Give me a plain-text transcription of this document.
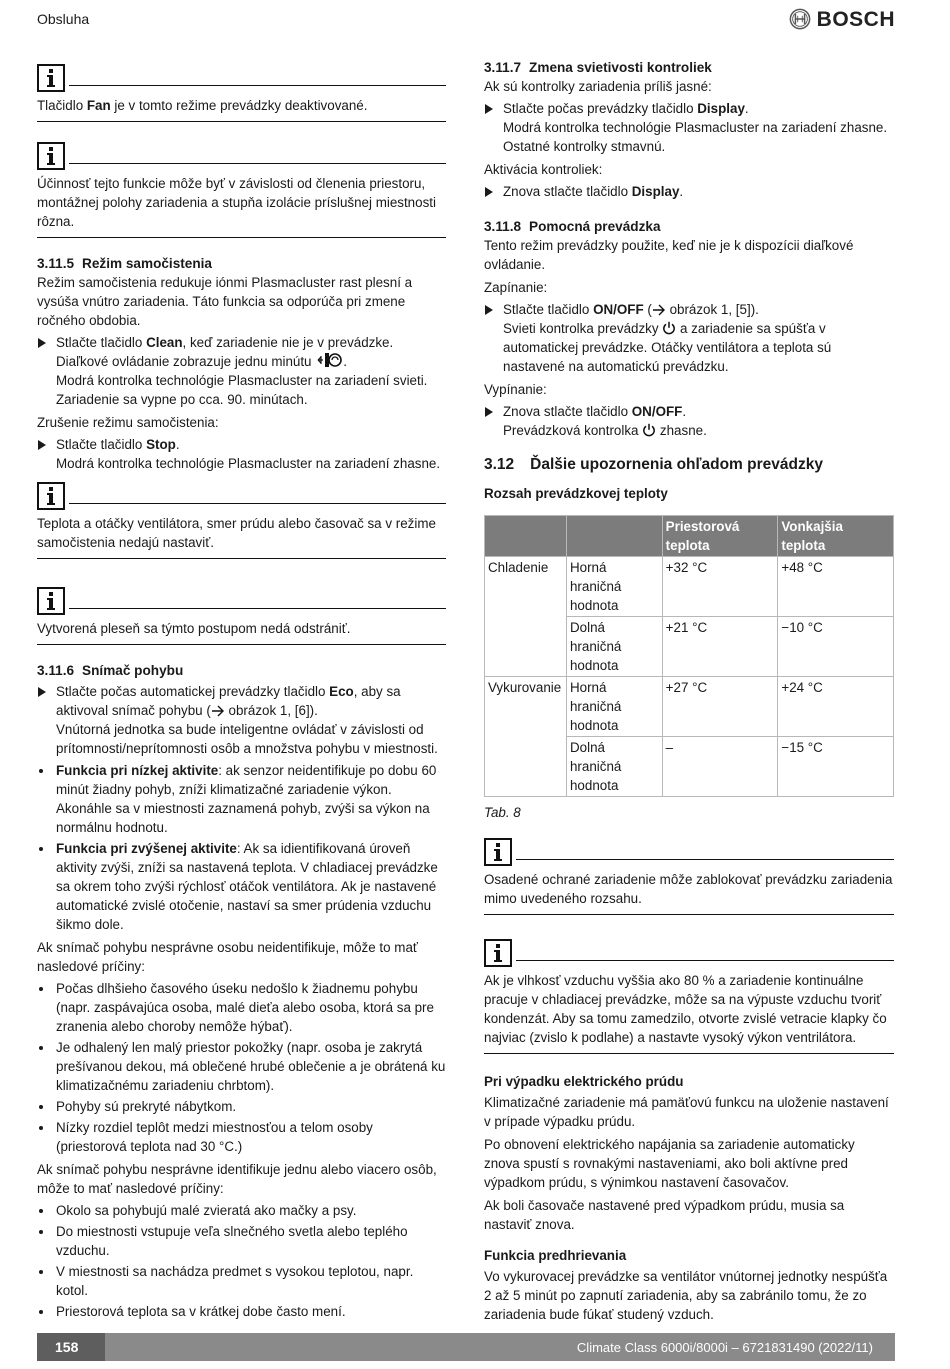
Obsluha	BOSCH
Tlačidlo Fan je v tomto režime prevádzky deaktivované.
Účinnosť tejto funkcie môže byť v závislosti od členenia priestoru, montážnej polohy zariadenia a stupňa izolácie príslušnej miestnosti rôzna.
3.11.5 Režim samočistenia

Režim samočistenia redukuje iónmi Plasmacluster rast plesní a vysúša vnútro zariadenia. Táto funkcia sa odporúča pri zmene ročného obdobia.

Stlačte tlačidlo Clean, keď zariadenie nie je v prevádzke.
Diaľkové ovládanie zobrazuje jednu minútu .
Modrá kontrolka technológie Plasmacluster na zariadení svieti.
Zariadenie sa vypne po cca. 90. minútach.

Zrušenie režimu samočistenia:

Stlačte tlačidlo Stop.
Modrá kontrolka technológie Plasmacluster na zariadení zhasne.
Teplota a otáčky ventilátora, smer prúdu alebo časovač sa v režime samočistenia nedajú nastaviť.
Vytvorená pleseň sa týmto postupom nedá odstrániť.
3.11.6 Snímač pohybu
Stlačte počas automatickej prevádzky tlačidlo Eco, aby sa aktivoval snímač pohybu ( obrázok 1, [6]).
Vnútorná jednotka sa bude inteligentne ovládať v závislosti od prítomnosti/neprítomnosti osôb a množstva pohybu v miestnosti.
Funkcia pri nízkej aktivite: ak senzor neidentifikuje po dobu 60 minút žiadny pohyb, zníži klimatizačné zariadenie výkon. Akonáhle sa v miestnosti zaznamená pohyb, zvýši sa výkon na normálnu hodnotu.
Funkcia pri zvýšenej aktivite: Ak sa idientifikovaná úroveň aktivity zvýši, zníži sa nastavená teplota. V chladiacej prevádzke sa okrem toho zvýši rýchlosť otáčok ventilátora. Ak je nastavené automatické zvislé otočenie, nastaví sa smer prúdenia vzduchu šikmo dole.

Ak snímač pohybu nesprávne osobu neidentifikuje, môže to mať nasledové príčiny:

Počas dlhšieho časového úseku nedošlo k žiadnemu pohybu (napr. zaspávajúca osoba, malé dieťa alebo osoba, ktorá sa pre zranenia alebo choroby nemôže hýbať).
Je odhalený len malý priestor pokožky (napr. osoba je zakrytá prešívanou dekou, má oblečené hrubé oblečenie a je obrátená ku klimatizačnému zariadeniu chrbtom).
Pohyby sú prekryté nábytkom.
Nízky rozdiel teplôt medzi miestnosťou a telom osoby (priestorová teplota nad 30 °C.)

Ak snímač pohybu nesprávne identifikuje jednu alebo viacero osôb, môže to mať nasledové príčiny:

Okolo sa pohybujú malé zvieratá ako mačky a psy.
Do miestnosti vstupuje veľa slnečného svetla alebo teplého vzduchu.
V miestnosti sa nachádza predmet s vysokou teplotou, napr. kotol.
Priestorová teplota sa v krátkej dobe často mení.
3.11.7 Zmena svietivosti kontroliek

Ak sú kontrolky zariadenia príliš jasné:

Stlačte počas prevádzky tlačidlo Display.
Modrá kontrolka technológie Plasmacluster na zariadení zhasne.
Ostatné kontrolky stmavnú.

Aktivácia kontroliek:

Znova stlačte tlačidlo Display.
3.11.8 Pomocná prevádzka

Tento režim prevádzky použite, keď nie je k dispozícii diaľkové ovládanie.

Zapínanie:

Stlačte tlačidlo ON/OFF ( obrázok 1, [5]).
Svieti kontrolka prevádzky  a zariadenie sa spúšťa v automatickej prevádzke. Otáčky ventilátora a teplota sú nastavené na automatickú prevádzku.

Vypínanie:

Znova stlačte tlačidlo ON/OFF.
Prevádzková kontrolka  zhasne.
3.12 Ďalšie upozornenia ohľadom prevádzky
Rozsah prevádzkovej teploty
		Priestorová teplota	Vonkajšia teplota
Chladenie	Horná hraničná hodnota	+32 °C	+48 °C
	Dolná hraničná hodnota	+21 °C	−10 °C
Vykurovanie	Horná hraničná hodnota	+27 °C	+24 °C
	Dolná hraničná hodnota	–	−15 °C

Tab. 8

Osadené ochrané zariadenie môže zablokovať prevádzku zariadenia mimo uvedeného rozsahu.
Ak je vlhkosť vzduchu vyššia ako 80 % a zariadenie kontinuálne pracuje v chladiacej prevádzke, môže sa na výpuste vzduchu tvoriť kondenzát. Aby sa tomu zamedzilo, otvorte zvislé vetracie klapky čo najviac (zvislo k podlahe) a nastavte vysoký výkon ventrilátora.
Pri výpadku elektrického prúdu

Klimatizačné zariadenie má pamäťovú funkcu na uloženie nastavení v prípade výpadku prúdu.

Po obnovení elektrického napájania sa zariadenie automaticky znova spustí s rovnakými nastaveniami, ako boli aktívne pred výpadkom prúdu, s výnimkou nastavení časovačov.

Ak boli časovače nastavené pred výpadkom prúdu, musia sa nastaviť znova.

Funkcia predhrievania

Vo vykurovacej prevádzke sa ventilátor vnútornej jednotky nespúšťa 2 až 5 minút po zapnutí zariadenia, aby sa zabránilo tomu, že zo zariadenia bude fúkať studený vzduch.

158	Climate Class 6000i/8000i – 6721831490 (2022/11)
